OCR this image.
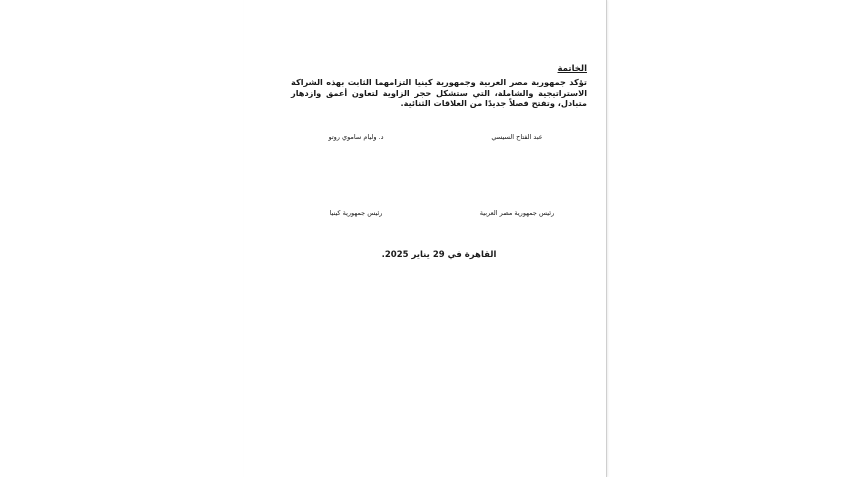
الخاتمة

تؤكد جمهورية مصر العربية وجمهورية كينيا التزامهما الثابت بهذه الشراكة الاستراتيجية والشاملة، التي ستشكل حجر الزاوية لتعاون أعمق وازدهار متبادل، وتفتح فصلاً جديدًا من العلاقات الثنائية.

عبد الفتاح السيسي
د. وليام ساموي روتو
رئيس جمهورية مصر العربية
رئيس جمهورية كينيا
القاهرة في 29 يناير 2025.
